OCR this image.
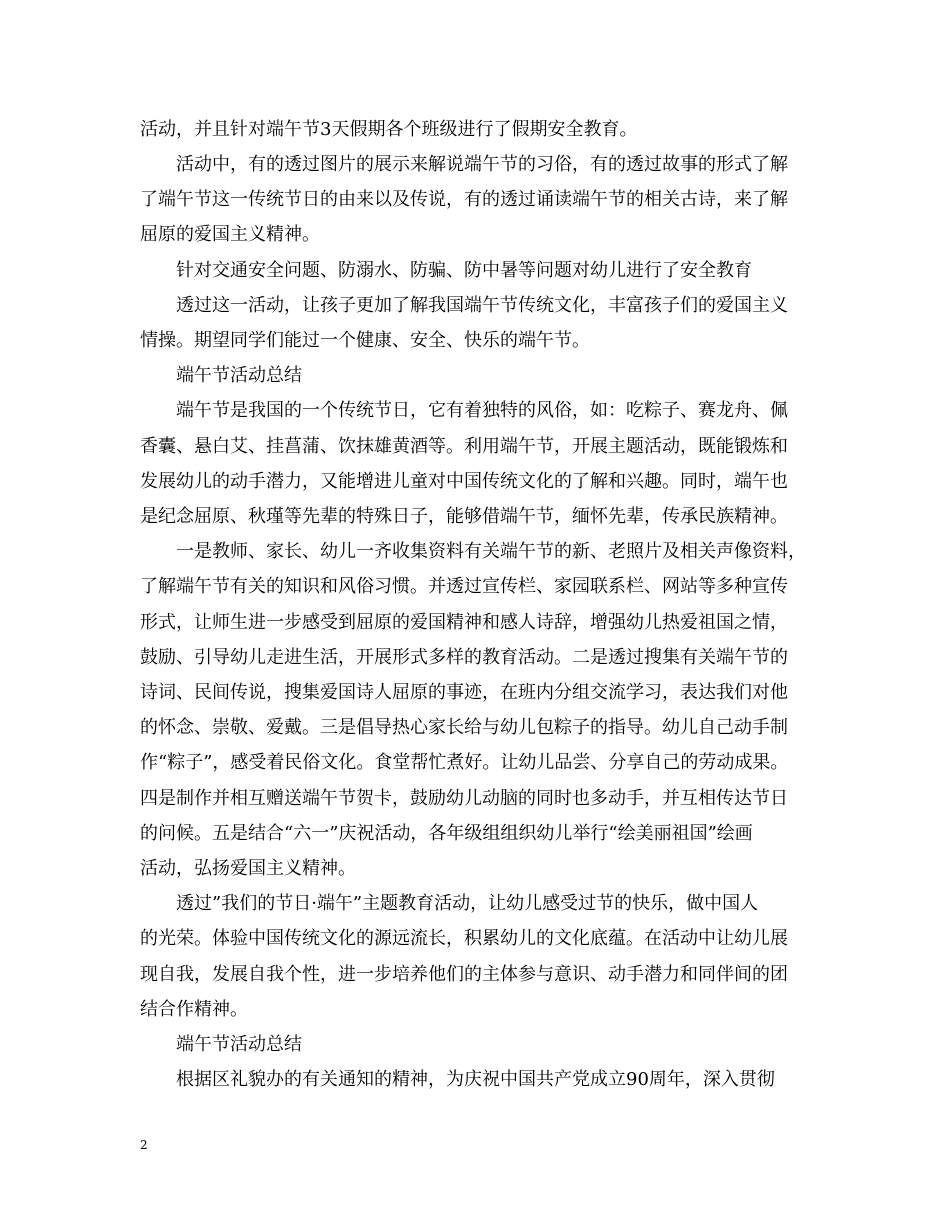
活动，并且针对端午节3天假期各个班级进行了假期安全教育。
活动中，有的透过图片的展示来解说端午节的习俗，有的透过故事的形式了解
了端午节这一传统节日的由来以及传说，有的透过诵读端午节的相关古诗，来了解
屈原的爱国主义精神。
针对交通安全问题、防溺水、防骗、防中暑等问题对幼儿进行了安全教育
透过这一活动，让孩子更加了解我国端午节传统文化，丰富孩子们的爱国主义
情操。期望同学们能过一个健康、安全、快乐的端午节。
端午节活动总结
端午节是我国的一个传统节日，它有着独特的风俗，如：吃粽子、赛龙舟、佩
香囊、悬白艾、挂菖蒲、饮抹雄黄酒等。利用端午节，开展主题活动，既能锻炼和
发展幼儿的动手潜力，又能增进儿童对中国传统文化的了解和兴趣。同时，端午也
是纪念屈原、秋瑾等先辈的特殊日子，能够借端午节，缅怀先辈，传承民族精神。
一是教师、家长、幼儿一齐收集资料有关端午节的新、老照片及相关声像资料，
了解端午节有关的知识和风俗习惯。并透过宣传栏、家园联系栏、网站等多种宣传
形式，让师生进一步感受到屈原的爱国精神和感人诗辞，增强幼儿热爱祖国之情，
鼓励、引导幼儿走进生活，开展形式多样的教育活动。二是透过搜集有关端午节的
诗词、民间传说，搜集爱国诗人屈原的事迹，在班内分组交流学习，表达我们对他
的怀念、崇敬、爱戴。三是倡导热心家长给与幼儿包粽子的指导。幼儿自己动手制
作“粽子”，感受着民俗文化。食堂帮忙煮好。让幼儿品尝、分享自己的劳动成果。
四是制作并相互赠送端午节贺卡，鼓励幼儿动脑的同时也多动手，并互相传达节日
的问候。五是结合“六一”庆祝活动，各年级组组织幼儿举行“绘美丽祖国”绘画
活动，弘扬爱国主义精神。
透过”我们的节日·端午”主题教育活动，让幼儿感受过节的快乐，做中国人
的光荣。体验中国传统文化的源远流长，积累幼儿的文化底蕴。在活动中让幼儿展
现自我，发展自我个性，进一步培养他们的主体参与意识、动手潜力和同伴间的团
结合作精神。
端午节活动总结
根据区礼貌办的有关通知的精神，为庆祝中国共产党成立90周年，深入贯彻
2
